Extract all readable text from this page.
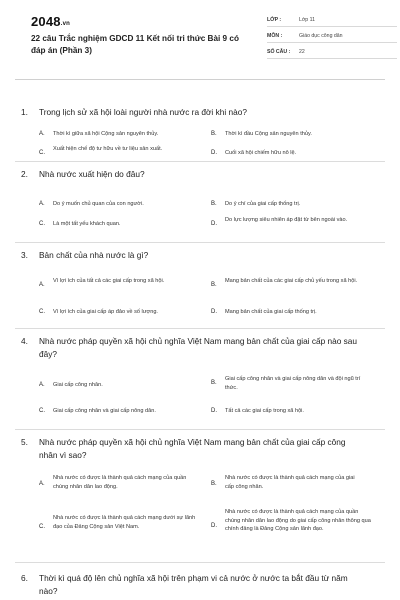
2048.vn
22 câu Trắc nghiệm GDCD 11 Kết nối tri thức Bài 9 có đáp án (Phần 3)
LỚP :	Lớp 11
MÔN :	Giáo dục công dân
SỐ CÂU :	22
1. Trong lịch sử xã hội loài người nhà nước ra đời khi nào?
A. Thời kì giữa xã hội Cộng sản nguyên thủy.	B. Thời kì đầu Cộng sản nguyên thủy.
C.
Xuất hiện chế độ tư hữu về tư liệu sản xuất.
D. Cuối xã hội chiếm hữu nô lệ.
2. Nhà nước xuất hiện do đâu?
A. Do ý muốn chủ quan của con người.	B. Do ý chí của giai cấp thống trị.
C. Là một tất yếu khách quan.	D.
Do lực lượng siêu nhiên áp đặt từ bên ngoài vào.
3. Bản chất của nhà nước là gì?
A.
Vì lợi ích của tất cả các giai cấp trong xã hội.
B.
Mang bản chất của các giai cấp chủ yếu trong xã hội.
C. Vì lợi ích của giai cấp áp đảo về số lượng.	D. Mang bản chất của giai cấp thống trị.
4. Nhà nước pháp quyền xã hội chủ nghĩa Việt Nam mang bản chất của giai cấp nào sau đây?
A. Giai cấp công nhân.	B.
Giai cấp công nhân và giai cấp nông dân và đội ngũ trí thức.
C. Giai cấp công nhân và giai cấp nông dân.	D. Tất cả các giai cấp trong xã hội.
5. Nhà nước pháp quyền xã hội chủ nghĩa Việt Nam mang bản chất của giai cấp công nhân vì sao?
A.
Nhà nước có được là thành quả cách mạng của quần chúng nhân dân lao động.	B.
Nhà nước có được là thành quả cách mạng của giai cấp công nhân.
C.
Nhà nước có được là thành quả cách mạng dưới sự lãnh đạo của Đảng Cộng sản Việt Nam.	D.
Nhà nước có được là thành quả cách mạng của quần chúng nhân dân lao động do giai cấp công nhân thông qua chính đảng là Đảng Cộng sản lãnh đạo.
6. Thời kì quá độ lên chủ nghĩa xã hội trên phạm vi cả nước ở nước ta bắt đầu từ năm nào?
